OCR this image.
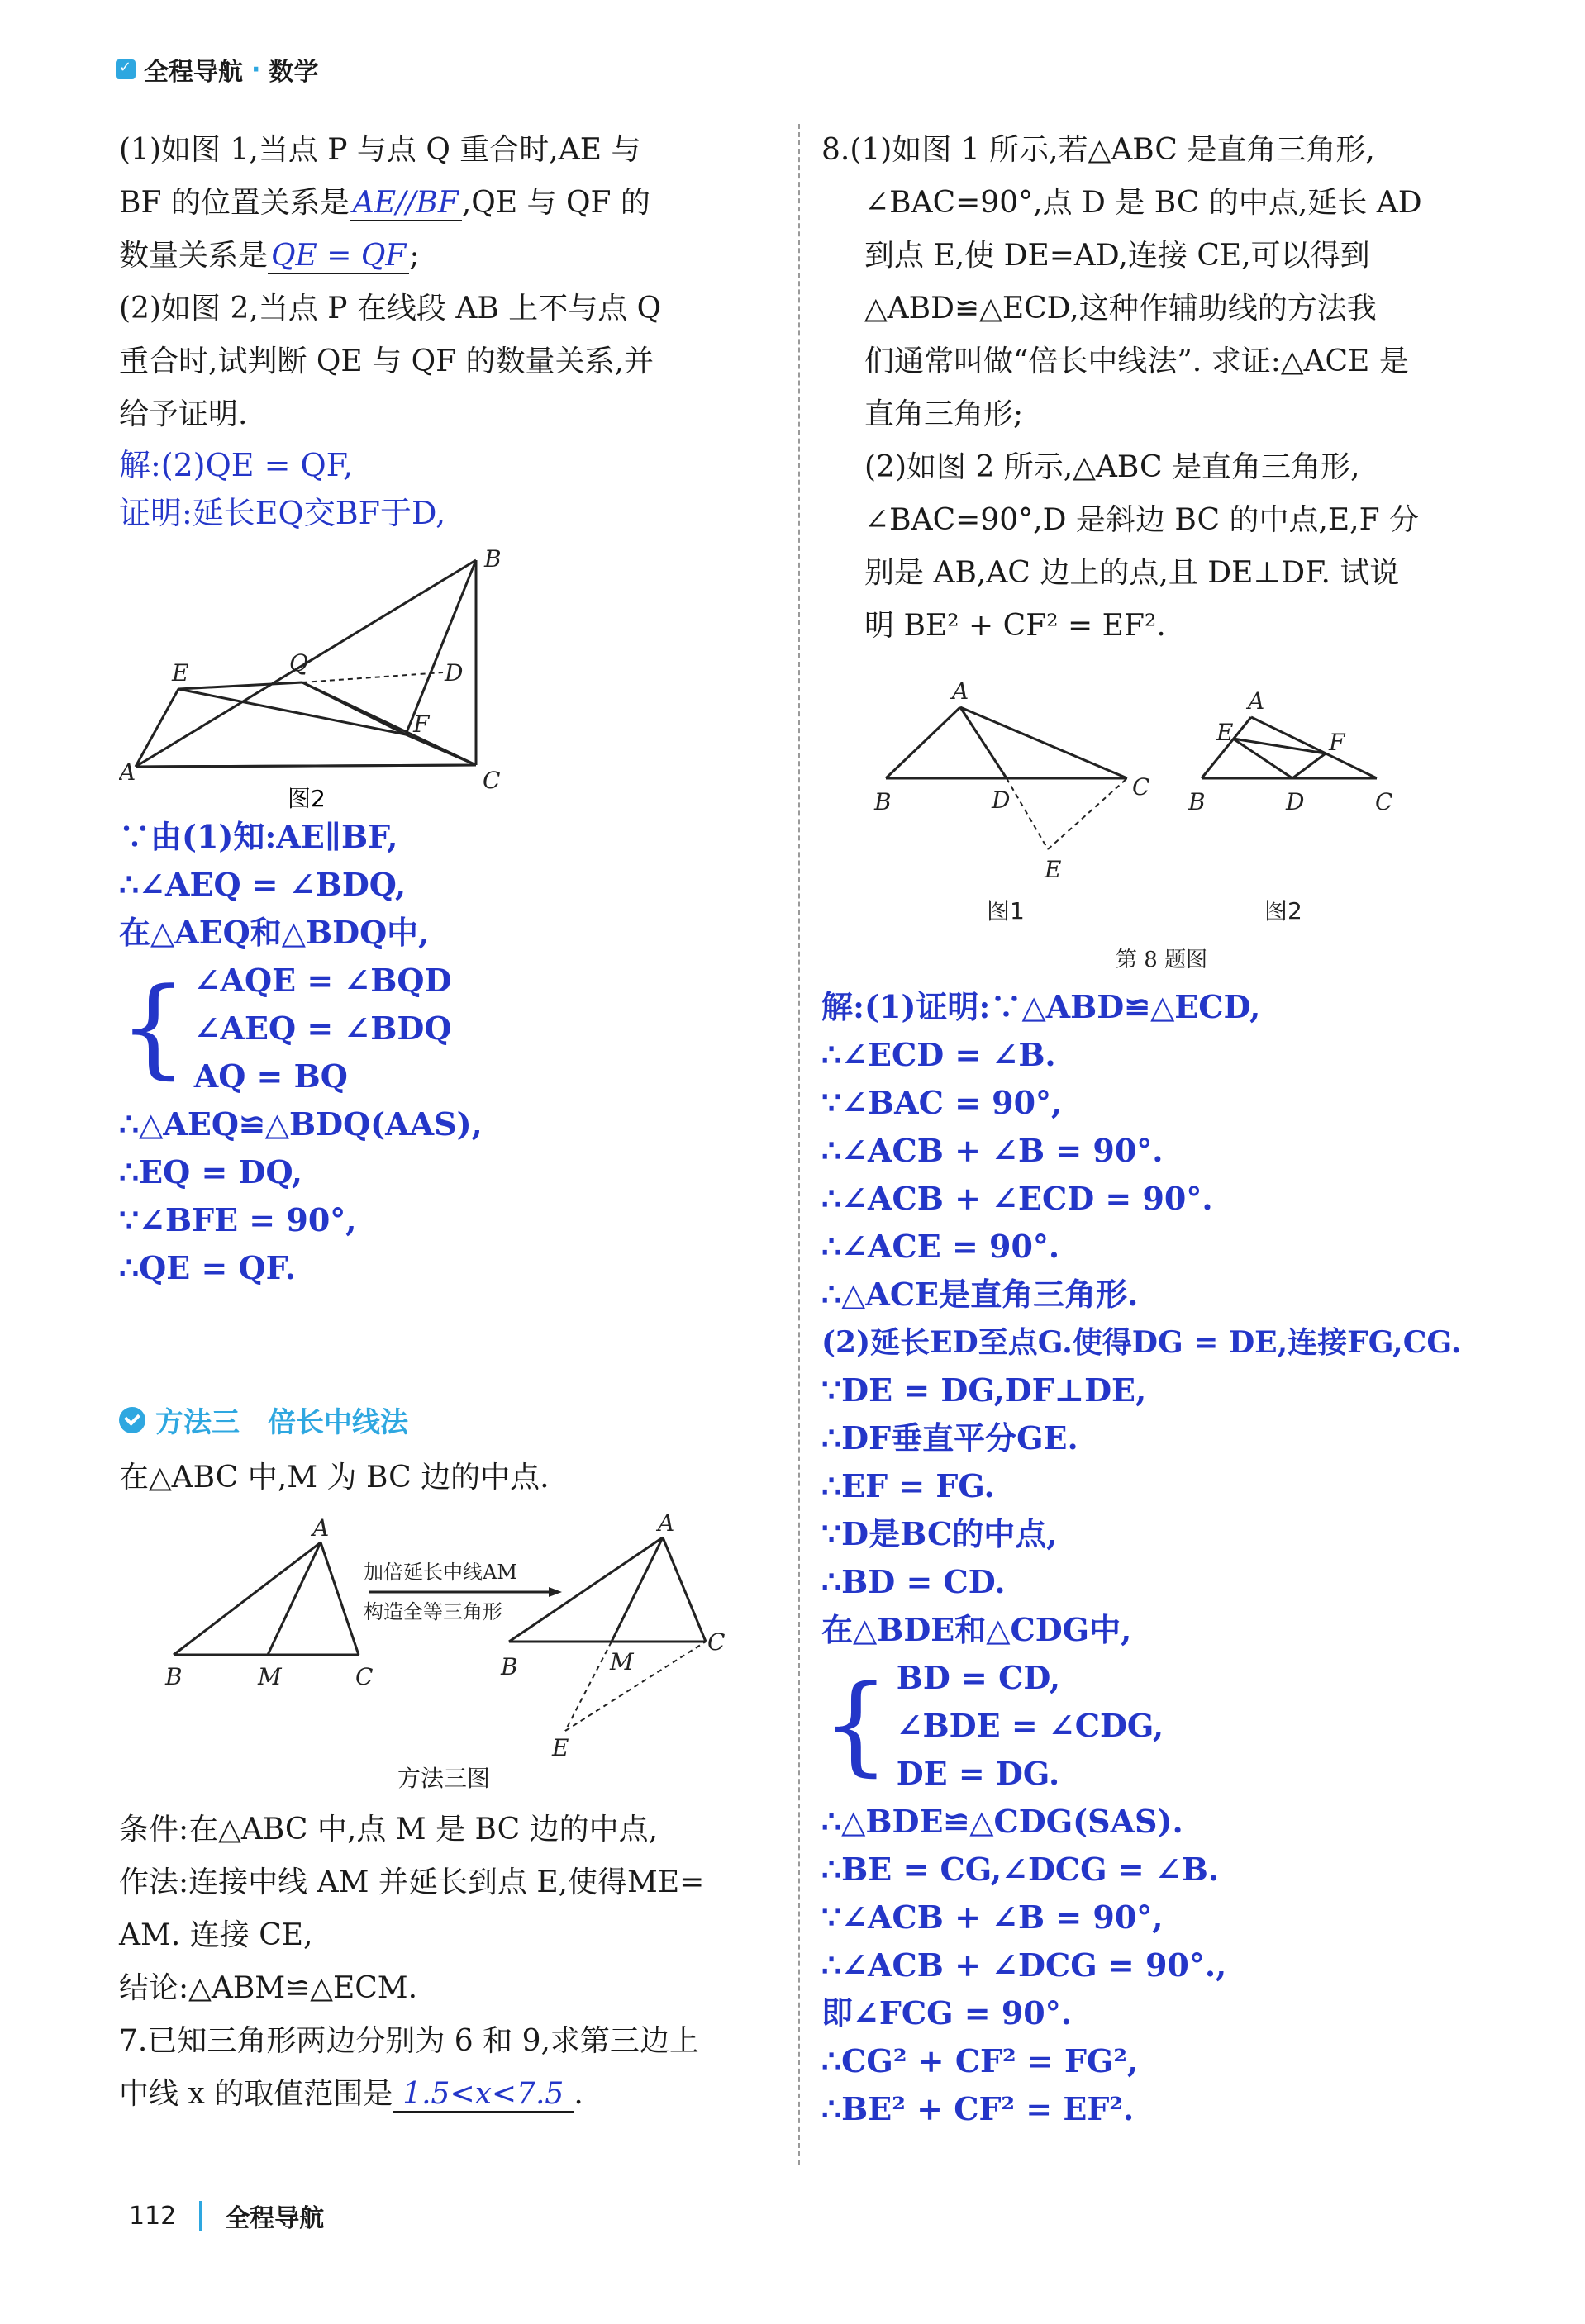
✓
全程导航 · 数学

(1)如图 1,当点 P 与点 Q 重合时,AE 与

BF 的位置关系是 AE//BF ,QE 与 QF 的

数量关系是 QE = QF ;

(2)如图 2,当点 P 在线段 AB 上不与点 Q

重合时,试判断 QE 与 QF 的数量关系,并

给予证明.

解:(2)QE = QF,

证明:延长EQ交BF于D,

A
B
C
D
E
F
Q
图2

∵由(1)知:AE∥BF,

∴∠AEQ = ∠BDQ,

在△AEQ和△BDQ中,

{ ∠AQE = ∠BQD

∠AEQ = ∠BDQ

AQ = BQ

∴△AEQ≌△BDQ(AAS),

∴EQ = DQ,

∵∠BFE = 90°,

∴QE = QF.

方法三　倍长中线法

在△ABC 中,M 为 BC 边的中点.

A
B	M	C
A
B	M
C
E
加倍延长中线AM
构造全等三角形

方法三图

条件:在△ABC 中,点 M 是 BC 边的中点,

作法:连接中线 AM 并延长到点 E,使得ME=

AM. 连接 CE,

结论:△ABM≌△ECM.

7.已知三角形两边分别为 6 和 9,求第三边上

中线 x 的取值范围是 1.5<x<7.5 .

8.(1)如图 1 所示,若△ABC 是直角三角形,

∠BAC=90°,点 D 是 BC 的中点,延长 AD

到点 E,使 DE=AD,连接 CE,可以得到

△ABD≌△ECD,这种作辅助线的方法我

们通常叫做“倍长中线法”. 求证:△ACE 是

直角三角形;

(2)如图 2 所示,△ABC 是直角三角形,

∠BAC=90°,D 是斜边 BC 的中点,E,F 分

别是 AB,AC 边上的点,且 DE⊥DF. 试说

明 BE² + CF² = EF².

A
B
C
D
E
A
B	C
D
E	F
图1	图2
第 8 题图

解:(1)证明:∵△ABD≌△ECD,

∴∠ECD = ∠B.

∵∠BAC = 90°,

∴∠ACB + ∠B = 90°.

∴∠ACB + ∠ECD = 90°.

∴∠ACE = 90°.

∴△ACE是直角三角形.

(2)延长ED至点G.使得DG = DE,连接FG,CG.

∵DE = DG,DF⊥DE,

∴DF垂直平分GE.

∴EF = FG.

∵D是BC的中点,

∴BD = CD.

在△BDE和△CDG中,

{ BD = CD,

∠BDE = ∠CDG,

DE = DG.

∴△BDE≌△CDG(SAS).

∴BE = CG,∠DCG = ∠B.

∵∠ACB + ∠B = 90°,

∴∠ACB + ∠DCG = 90°.,

即∠FCG = 90°.

∴CG² + CF² = FG²,

∴BE² + CF² = EF².

112 全程导航
